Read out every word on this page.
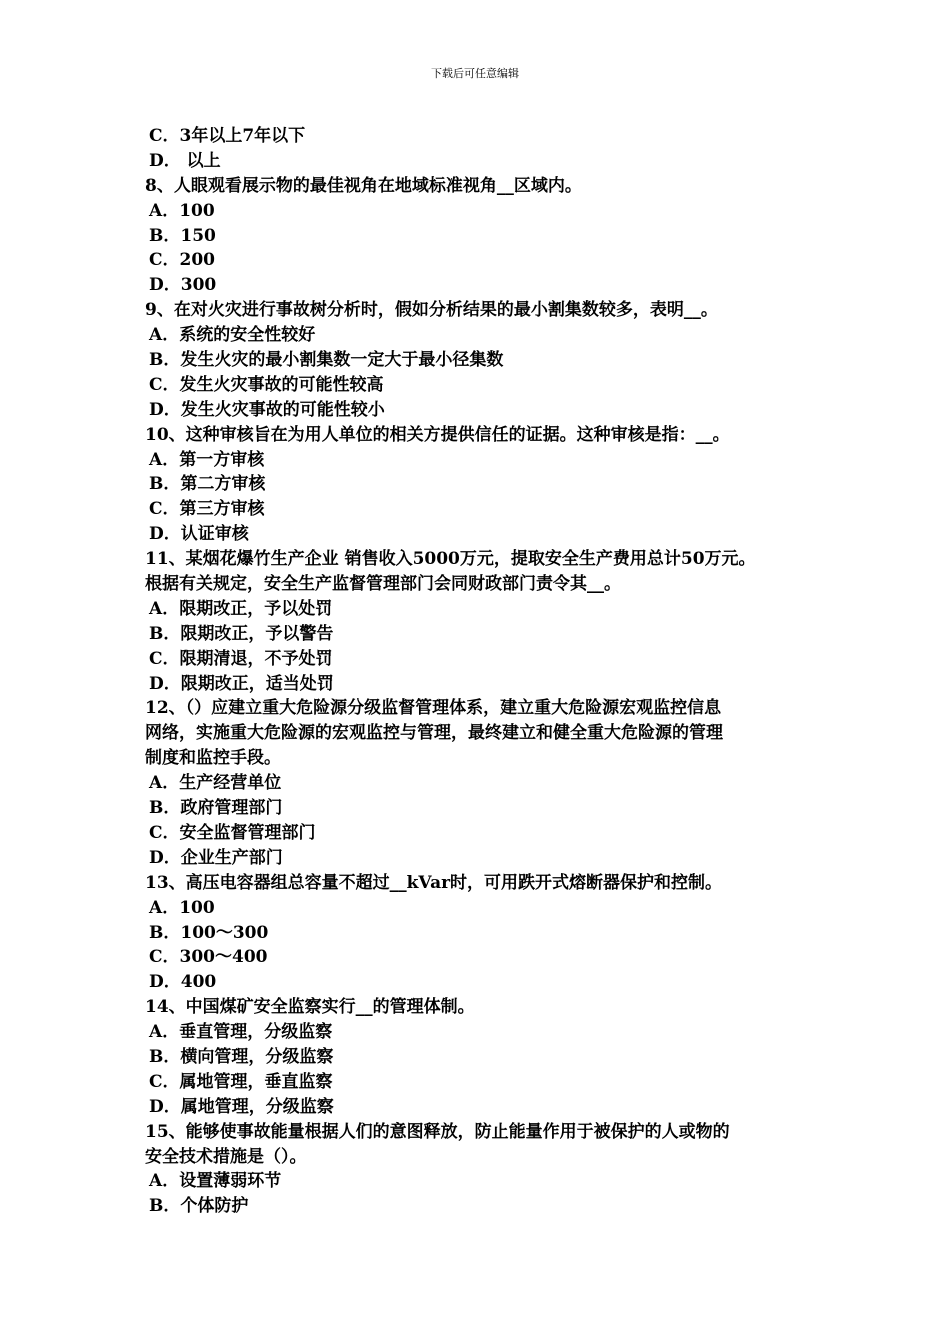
下载后可任意编辑
C．3年以上7年以下
D． 以上
8、人眼观看展示物的最佳视角在地域标准视角__区域内。
A．100
B．150
C．200
D．300
9、在对火灾进行事故树分析时，假如分析结果的最小割集数较多，表明__。
A．系统的安全性较好
B．发生火灾的最小割集数一定大于最小径集数
C．发生火灾事故的可能性较高
D．发生火灾事故的可能性较小
10、这种审核旨在为用人单位的相关方提供信任的证据。这种审核是指：__。
A．第一方审核
B．第二方审核
C．第三方审核
D．认证审核
11、某烟花爆竹生产企业 销售收入5000万元，提取安全生产费用总计50万元。
根据有关规定，安全生产监督管理部门会同财政部门责令其__。
A．限期改正，予以处罚
B．限期改正，予以警告
C．限期清退，不予处罚
D．限期改正，适当处罚
12、（）应建立重大危险源分级监督管理体系，建立重大危险源宏观监控信息
网络，实施重大危险源的宏观监控与管理，最终建立和健全重大危险源的管理
制度和监控手段。
A．生产经营单位
B．政府管理部门
C．安全监督管理部门
D．企业生产部门
13、高压电容器组总容量不超过__kVar时，可用跌开式熔断器保护和控制。
A．100
B．100～300
C．300～400
D．400
14、中国煤矿安全监察实行__的管理体制。
A．垂直管理，分级监察
B．横向管理，分级监察
C．属地管理，垂直监察
D．属地管理，分级监察
15、能够使事故能量根据人们的意图释放，防止能量作用于被保护的人或物的
安全技术措施是（）。
A．设置薄弱环节
B．个体防护
